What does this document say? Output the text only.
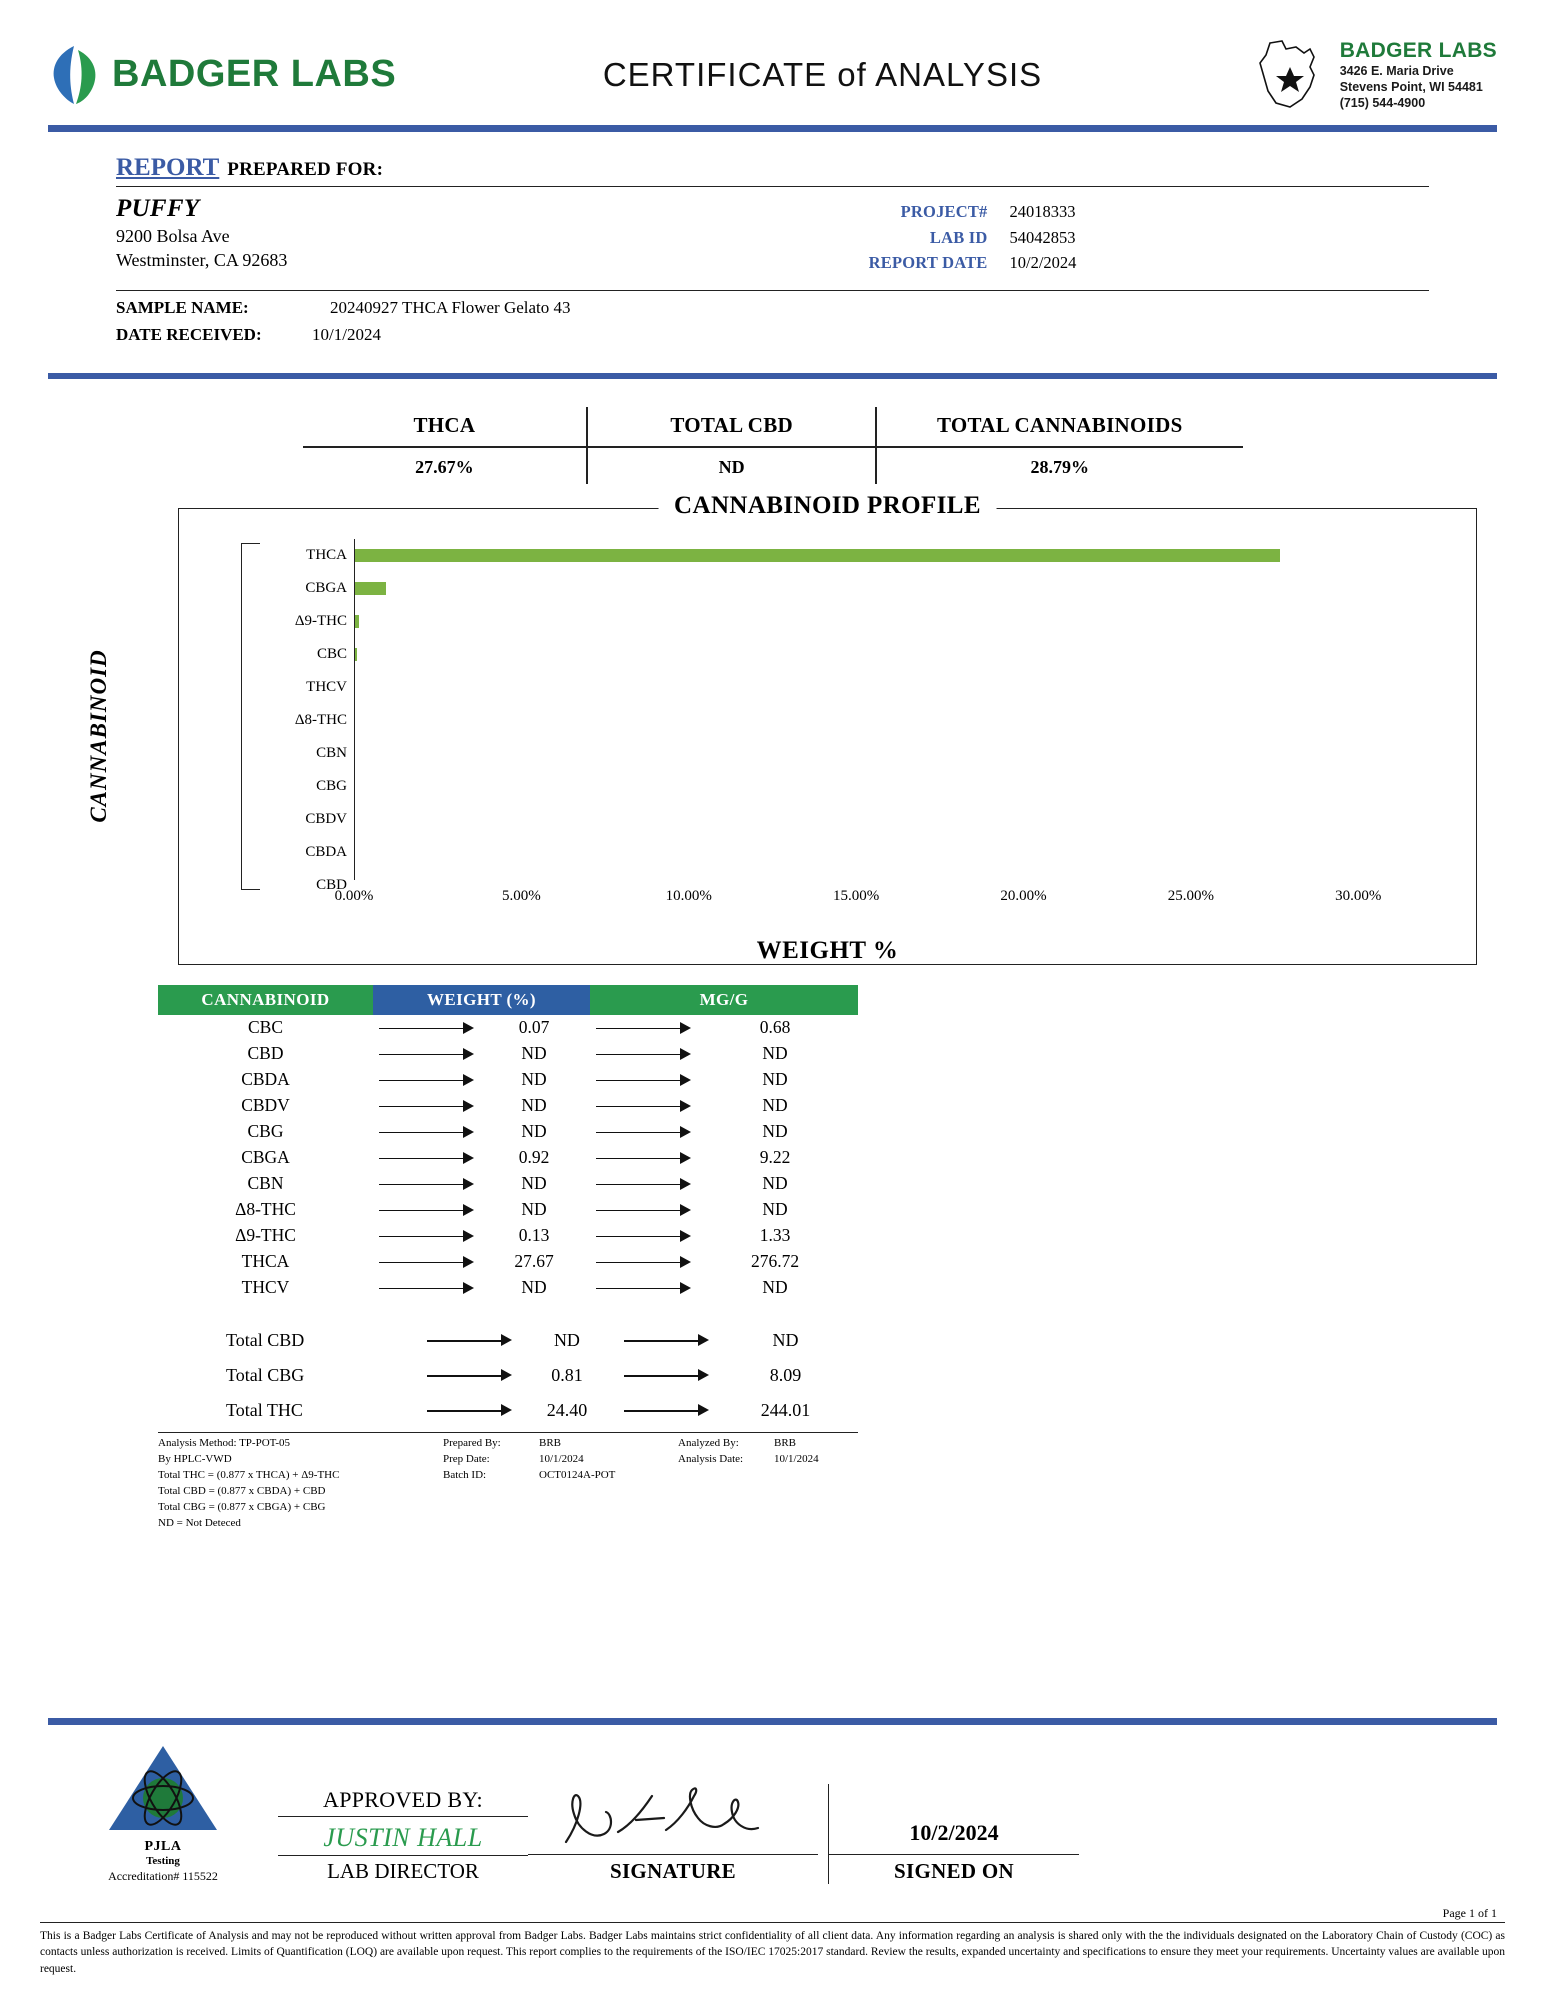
BADGER LABS	CERTIFICATE of ANALYSIS
BADGER LABS
3426 E. Maria Drive
Stevens Point, WI 54481
(715) 544-4900
REPORT PREPARED FOR:
PUFFY
9200 Bolsa Ave
Westminster, CA 92683
PROJECT#	24018333
LAB ID	54042853
REPORT DATE	10/2/2024
SAMPLE NAME:	20240927 THCA Flower Gelato 43
DATE RECEIVED:	10/1/2024
THCA	TOTAL CBD	TOTAL CANNABINOIDS
27.67%	ND	28.79%
CANNABINOID PROFILE
CANNABINOID
THCA
CBGA
Δ9-THC
CBC
THCV
Δ8-THC
CBN
CBG
CBDV
CBDA
CBD
0.00%	5.00%	10.00%	15.00%	20.00%	25.00%	30.00%
WEIGHT %
CANNABINOID	WEIGHT (%)	MG/G
CBC	0.07	0.68
CBD	ND	ND
CBDA	ND	ND
CBDV	ND	ND
CBG	ND	ND
CBGA	0.92	9.22
CBN	ND	ND
Δ8-THC	ND	ND
Δ9-THC	0.13	1.33
THCA	27.67	276.72
THCV	ND	ND
Total CBD	ND	ND
Total CBG	0.81	8.09
Total THC	24.40	244.01
Analysis Method: TP-POT-05
By HPLC-VWD
Total THC = (0.877 x THCA) + Δ9-THC
Total CBD = (0.877 x CBDA) + CBD
Total CBG = (0.877 x CBGA) + CBG
ND = Not Deteced
Prepared By:	BRB
Prep Date:	10/1/2024
Batch ID:	OCT0124A-POT
Analyzed By:	BRB
Analysis Date:	10/1/2024
PJLA
Testing
Accreditation# 115522
APPROVED BY:
JUSTIN HALL
LAB DIRECTOR	SIGNATURE
10/2/2024
SIGNED ON
Page 1 of 1
This is a Badger Labs Certificate of Analysis and may not be reproduced without written approval from Badger Labs. Badger Labs maintains strict confidentiality of all client data. Any information regarding an analysis is shared only with the the individuals designated on the Laboratory Chain of Custody (COC) as contacts unless authorization is received. Limits of Quantification (LOQ) are available upon request. This report complies to the requirements of the ISO/IEC 17025:2017 standard. Review the results, expanded uncertainty and specifications to ensure they meet your requirements. Uncertainty values are available upon request.
